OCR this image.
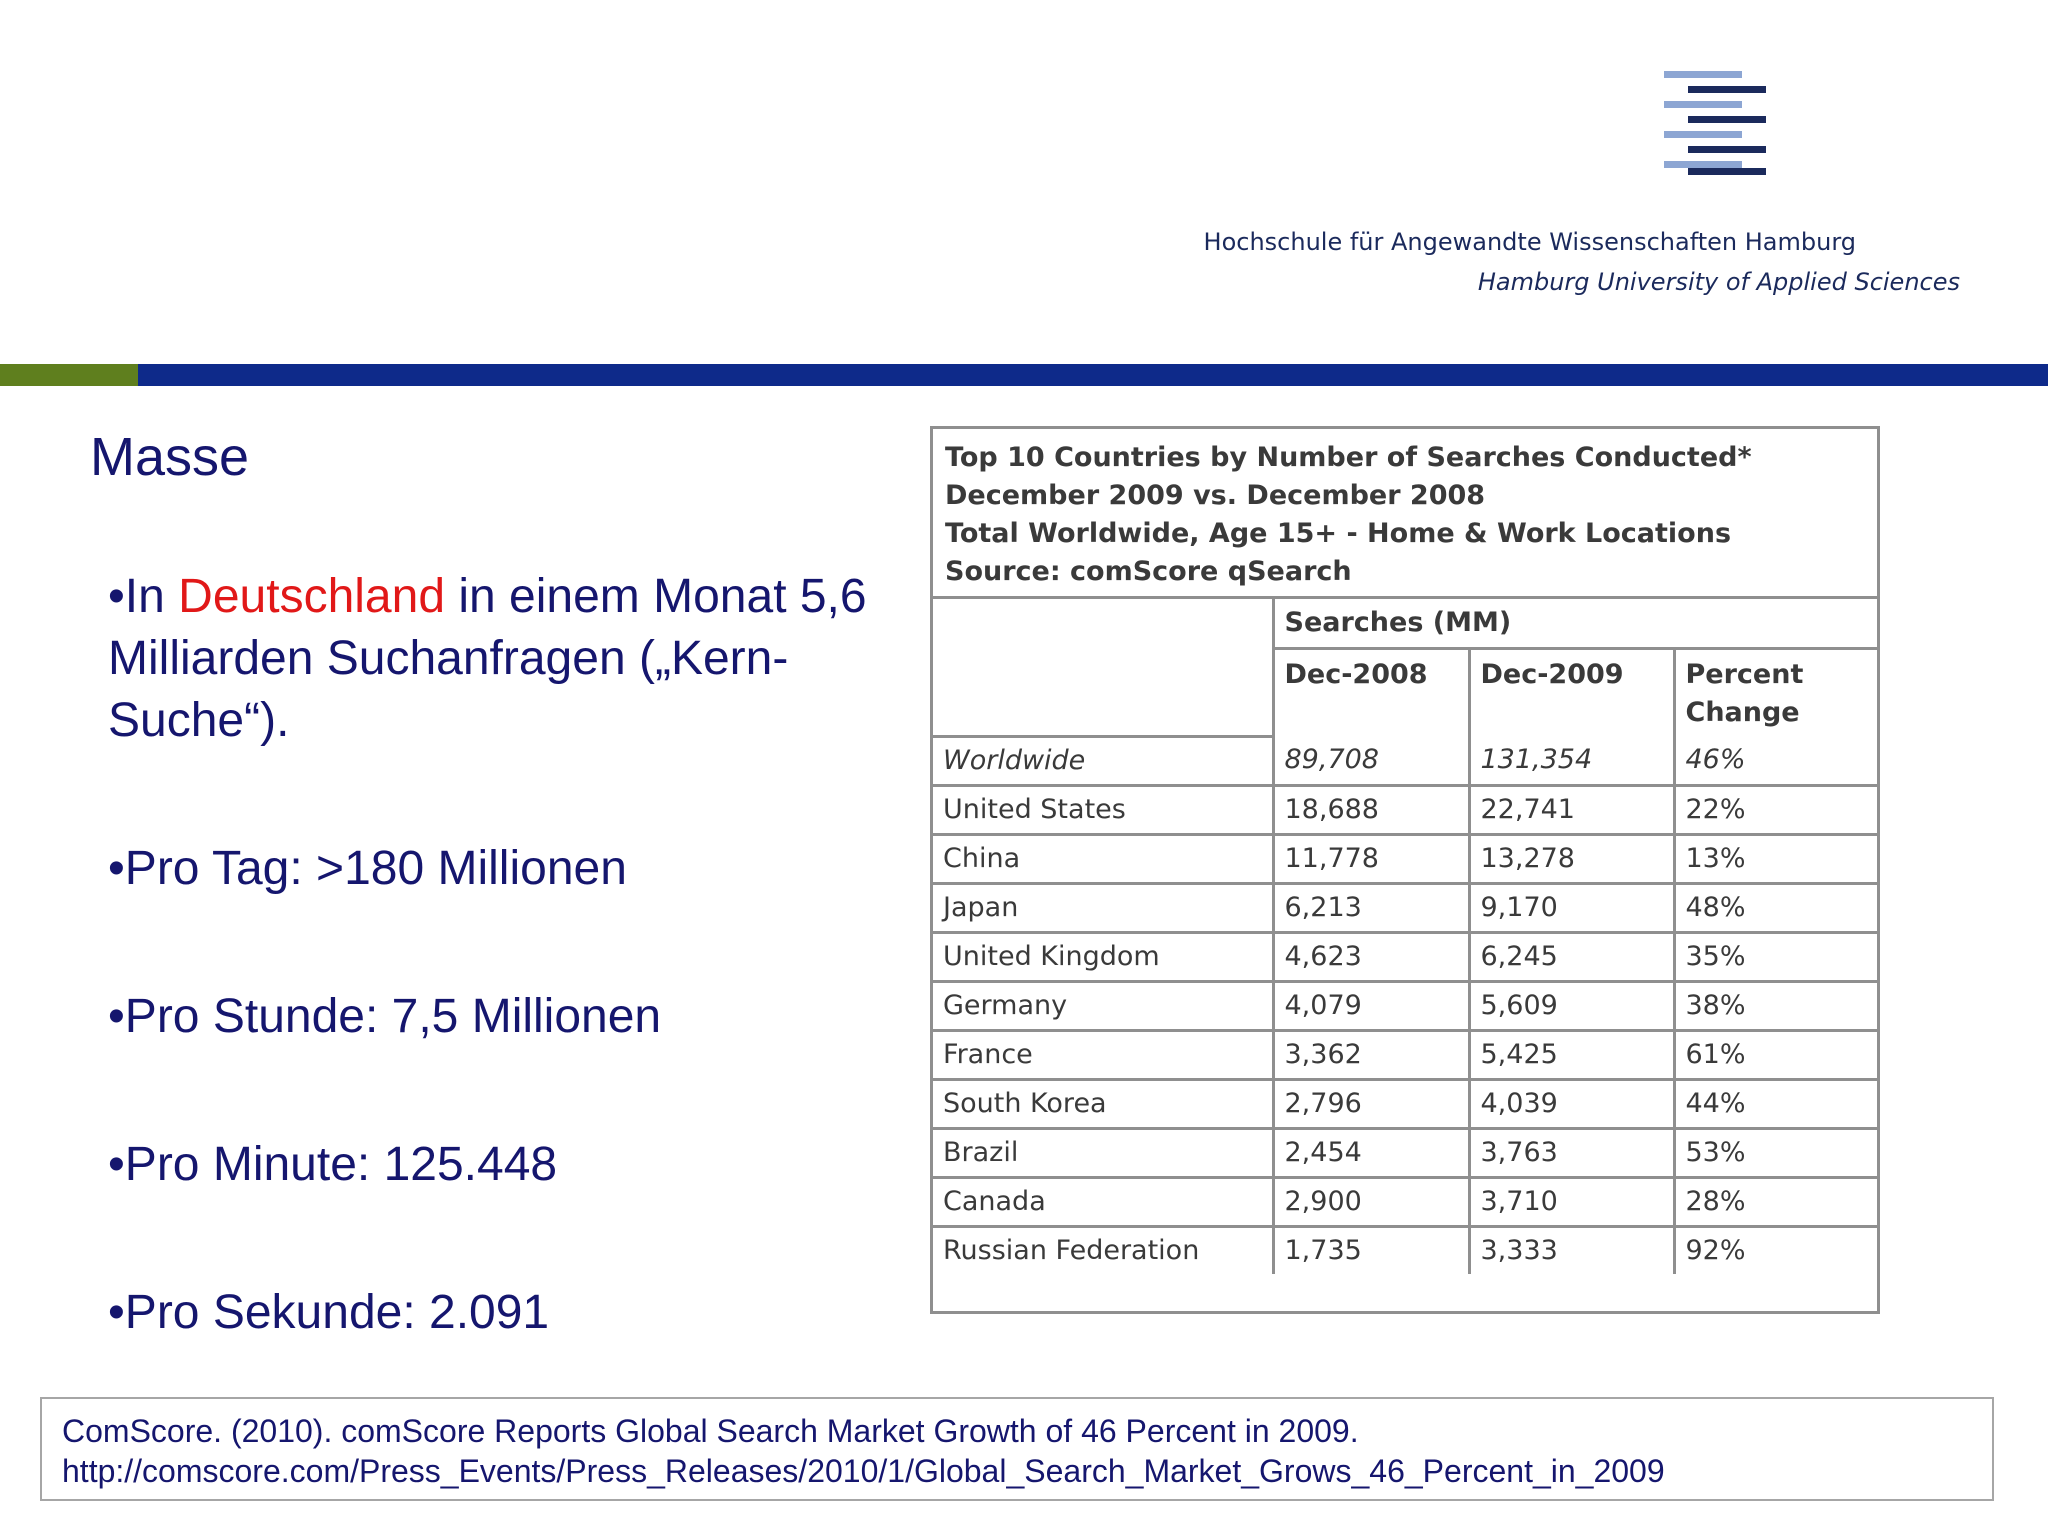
Hochschule für Angewandte Wissenschaften Hamburg
Hamburg University of Applied Sciences
Masse
•In Deutschland in einem Monat 5,6 Milliarden Suchanfragen („Kern-Suche“).
•Pro Tag: >180 Millionen
•Pro Stunde: 7,5 Millionen
•Pro Minute: 125.448
•Pro Sekunde: 2.091
Top 10 Countries by Number of Searches Conducted*
December 2009 vs. December 2008
Total Worldwide, Age 15+ - Home & Work Locations
Source: comScore qSearch
	Searches (MM)		
	Dec-2008	Dec-2009	Percent Change
Worldwide	89,708	131,354	46%
United States	18,688	22,741	22%
China	11,778	13,278	13%
Japan	6,213	9,170	48%
United Kingdom	4,623	6,245	35%
Germany	4,079	5,609	38%
France	3,362	5,425	61%
South Korea	2,796	4,039	44%
Brazil	2,454	3,763	53%
Canada	2,900	3,710	28%
Russian Federation	1,735	3,333	92%
ComScore. (2010). comScore Reports Global Search Market Growth of 46 Percent in 2009.
http://comscore.com/Press_Events/Press_Releases/2010/1/Global_Search_Market_Grows_46_Percent_in_2009
